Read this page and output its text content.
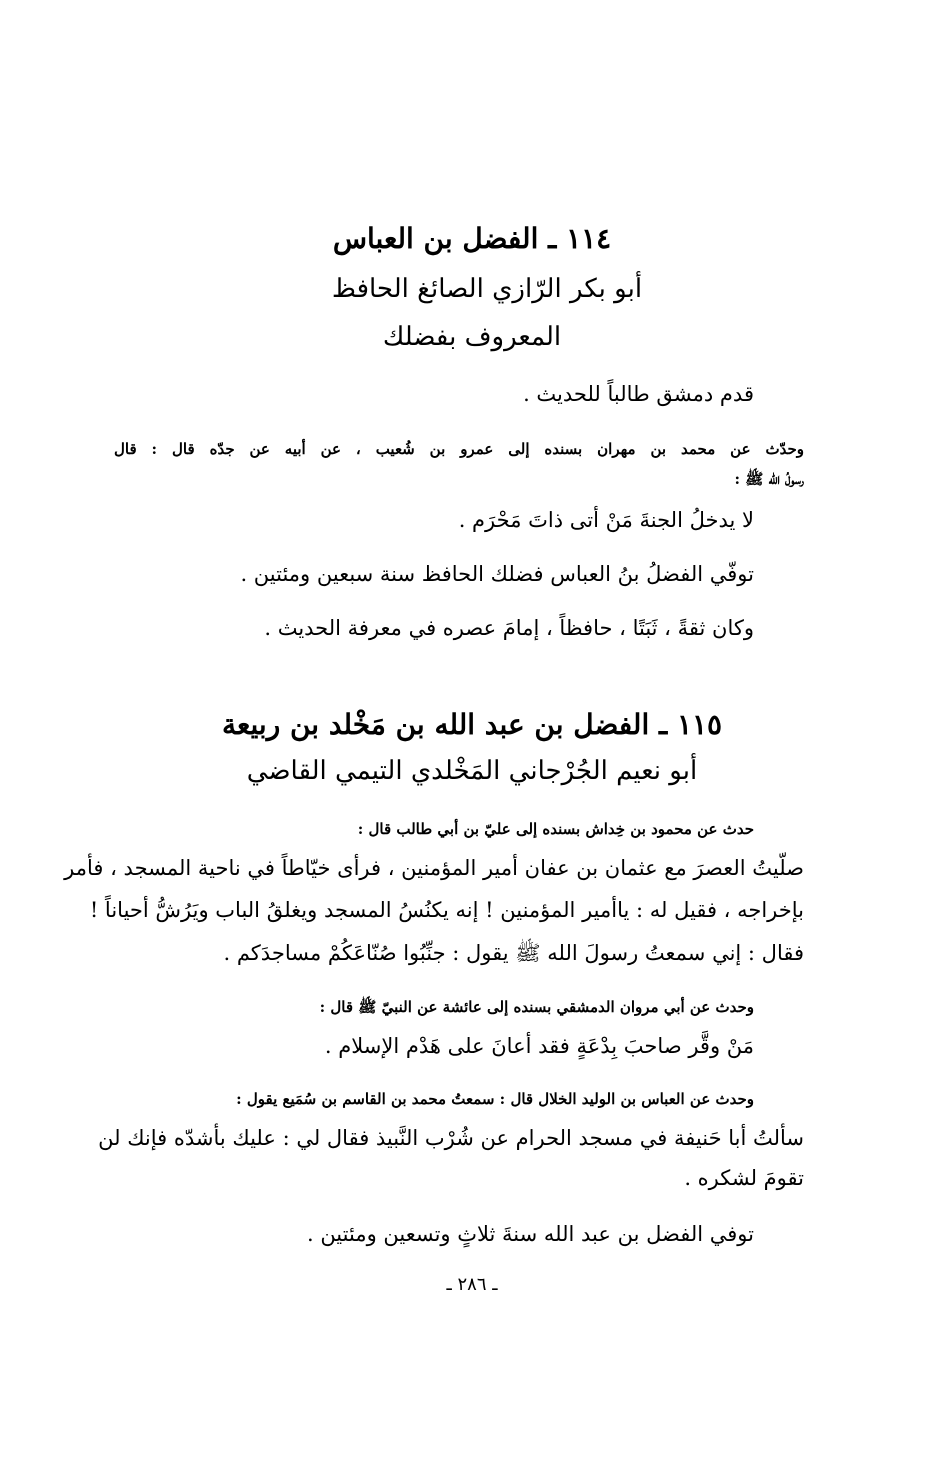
١١٤ ـ الفضل بن العباس
أبو بكر الرّازي الصائغ الحافظ
المعروف بفضلك
قدم دمشق طالباً للحديث .
وحدّث عن محمد بن مهران بسنده إلى عمرو بن شُعيب ، عن أبيه عن جدّه قال : قال
رسولُ الله ﷺ :
لا يدخلُ الجنةَ مَنْ أتى ذاتَ مَحْرَم .
توفّي الفضلُ بنُ العباس فضلك الحافظ سنة سبعين ومئتين .
وكان ثقةً ، ثَبَتًا ، حافظاً ، إمامَ عصره في معرفة الحديث .
١١٥ ـ الفضل بن عبد الله بن مَخْلد بن ربيعة
أبو نعيم الجُرْجاني المَخْلدي التيمي القاضي
حدث عن محمود بن خِداش بسنده إلى عليّ بن أبي طالب قال :
صلّيتُ العصرَ مع عثمان بن عفان أمير المؤمنين ، فرأى خيّاطاً في ناحية المسجد ، فأمر
بإخراجه ، فقيل له : ياأمير المؤمنين ! إنه يكنُسُ المسجد ويغلقُ الباب ويَرُشُّ أحياناً !
فقال : إني سمعتُ رسولَ الله ﷺ يقول : جنِّبُوا صُنّاعَكُمْ مساجدَكم .
وحدث عن أبي مروان الدمشقي بسنده إلى عائشة عن النبيّ ﷺ قال :
مَنْ وقَّر صاحبَ بِدْعَةٍ فقد أعانَ على هَدْم الإسلام .
وحدث عن العباس بن الوليد الخلال قال : سمعتُ محمد بن القاسم بن سُمَيع يقول :
سألتُ أبا حَنيفة في مسجد الحرام عن شُرْب النَّبيذ فقال لي : عليك بأشدّه فإنك لن
تقومَ لشكره .
توفي الفضل بن عبد الله سنةَ ثلاثٍ وتسعين ومئتين .
ـ ٢٨٦ ـ
